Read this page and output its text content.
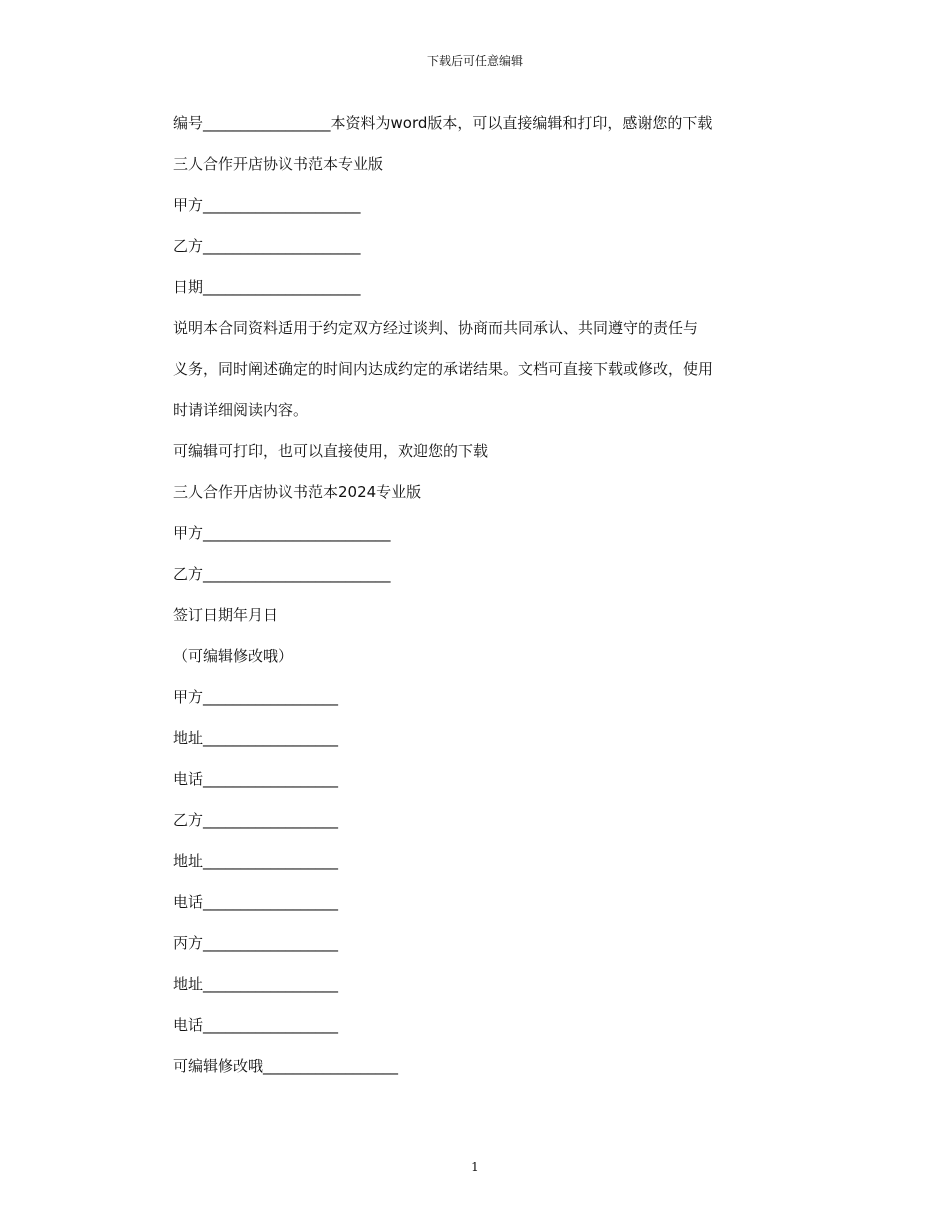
下载后可任意编辑
编号_________________本资料为word版本，可以直接编辑和打印，感谢您的下载
三人合作开店协议书范本专业版
甲方_____________________
乙方_____________________
日期_____________________
说明本合同资料适用于约定双方经过谈判、协商而共同承认、共同遵守的责任与
义务，同时阐述确定的时间内达成约定的承诺结果。文档可直接下载或修改，使用
时请详细阅读内容。
可编辑可打印，也可以直接使用，欢迎您的下载
三人合作开店协议书范本2024专业版
甲方_________________________
乙方_________________________
签订日期年月日
（可编辑修改哦）
甲方__________________
地址__________________
电话__________________
乙方__________________
地址__________________
电话__________________
丙方__________________
地址__________________
电话__________________
可编辑修改哦__________________
1
